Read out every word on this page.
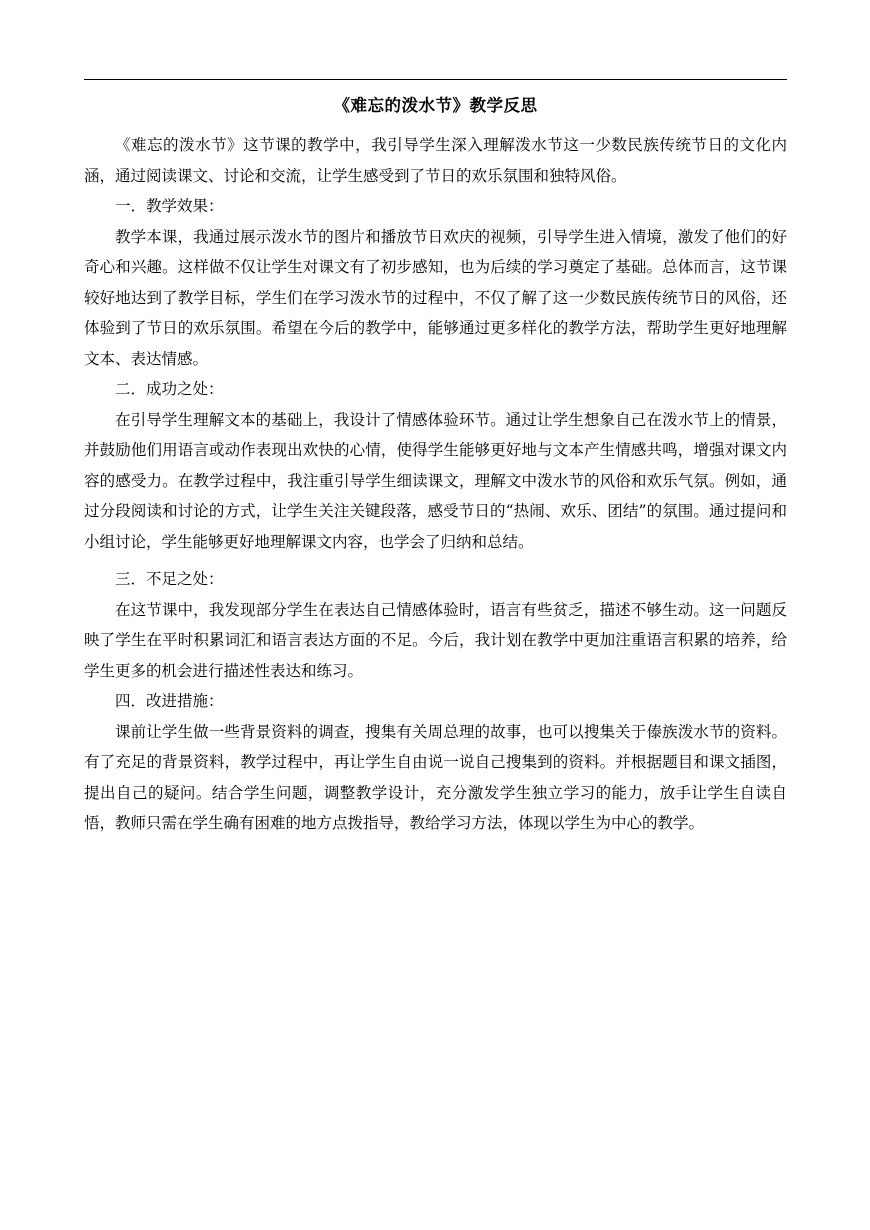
《难忘的泼水节》教学反思

《难忘的泼水节》这节课的教学中，我引导学生深入理解泼水节这一少数民族传统节日的文化内涵，通过阅读课文、讨论和交流，让学生感受到了节日的欢乐氛围和独特风俗。

一．教学效果：

教学本课，我通过展示泼水节的图片和播放节日欢庆的视频，引导学生进入情境，激发了他们的好奇心和兴趣。这样做不仅让学生对课文有了初步感知，也为后续的学习奠定了基础。总体而言，这节课较好地达到了教学目标，学生们在学习泼水节的过程中，不仅了解了这一少数民族传统节日的风俗，还体验到了节日的欢乐氛围。希望在今后的教学中，能够通过更多样化的教学方法，帮助学生更好地理解文本、表达情感。

二．成功之处：

在引导学生理解文本的基础上，我设计了情感体验环节。通过让学生想象自己在泼水节上的情景，并鼓励他们用语言或动作表现出欢快的心情，使得学生能够更好地与文本产生情感共鸣，增强对课文内容的感受力。在教学过程中，我注重引导学生细读课文，理解文中泼水节的风俗和欢乐气氛。例如，通过分段阅读和讨论的方式，让学生关注关键段落，感受节日的“热闹、欢乐、团结”的氛围。通过提问和小组讨论，学生能够更好地理解课文内容，也学会了归纳和总结。

三．不足之处：

在这节课中，我发现部分学生在表达自己情感体验时，语言有些贫乏，描述不够生动。这一问题反映了学生在平时积累词汇和语言表达方面的不足。今后，我计划在教学中更加注重语言积累的培养，给学生更多的机会进行描述性表达和练习。

四．改进措施：

课前让学生做一些背景资料的调查，搜集有关周总理的故事，也可以搜集关于傣族泼水节的资料。有了充足的背景资料，教学过程中，再让学生自由说一说自己搜集到的资料。并根据题目和课文插图，提出自己的疑问。结合学生问题，调整教学设计，充分激发学生独立学习的能力，放手让学生自读自悟，教师只需在学生确有困难的地方点拨指导，教给学习方法，体现以学生为中心的教学。
